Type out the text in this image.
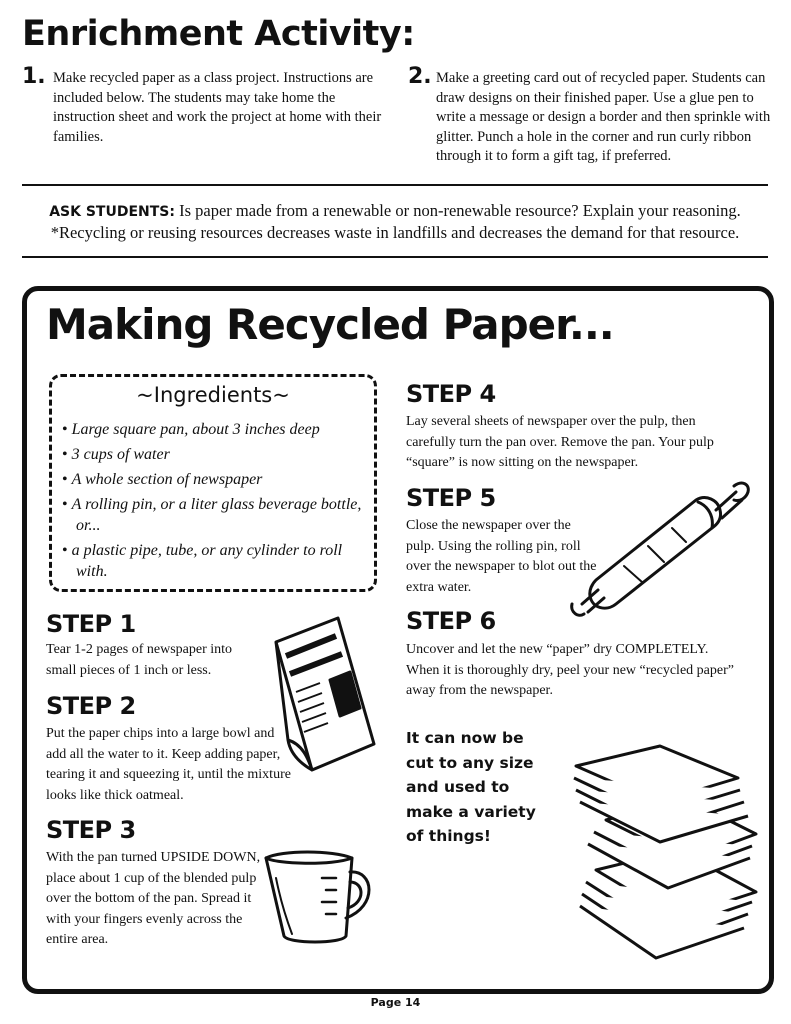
Enrichment Activity:
1. Make recycled paper as a class project. Instructions are included below. The students may take home the instruction sheet and work the project at home with their families.
2. Make a greeting card out of recycled paper. Students can draw designs on their finished paper. Use a glue pen to write a message or design a border and then sprinkle with glitter. Punch a hole in the corner and run curly ribbon through it to form a gift tag, if preferred.
ASK STUDENTS: Is paper made from a renewable or non-renewable resource? Explain your reasoning.
*Recycling or reusing resources decreases waste in landfills and decreases the demand for that resource.
Making Recycled Paper...
~Ingredients~
• Large square pan, about 3 inches deep
• 3 cups of water
• A whole section of newspaper
• A rolling pin, or a liter glass beverage bottle, or...
• a plastic pipe, tube, or any cylinder to roll with.
STEP 1
Tear 1-2 pages of newspaper into small pieces of 1 inch or less.
STEP 2
Put the paper chips into a large bowl and add all the water to it. Keep adding paper, tearing it and squeezing it, until the mixture looks like thick oatmeal.
STEP 3
With the pan turned UPSIDE DOWN, place about 1 cup of the blended pulp over the bottom of the pan. Spread it with your fingers evenly across the entire area.
STEP 4
Lay several sheets of newspaper over the pulp, then carefully turn the pan over. Remove the pan. Your pulp “square” is now sitting on the newspaper.
STEP 5
Close the newspaper over the pulp. Using the rolling pin, roll over the newspaper to blot out the extra water.
STEP 6
Uncover and let the new “paper” dry COMPLETELY. When it is thoroughly dry, peel your new “recycled paper” away from the newspaper.
It can now be cut to any size and used to make a variety of things!
Page 14
